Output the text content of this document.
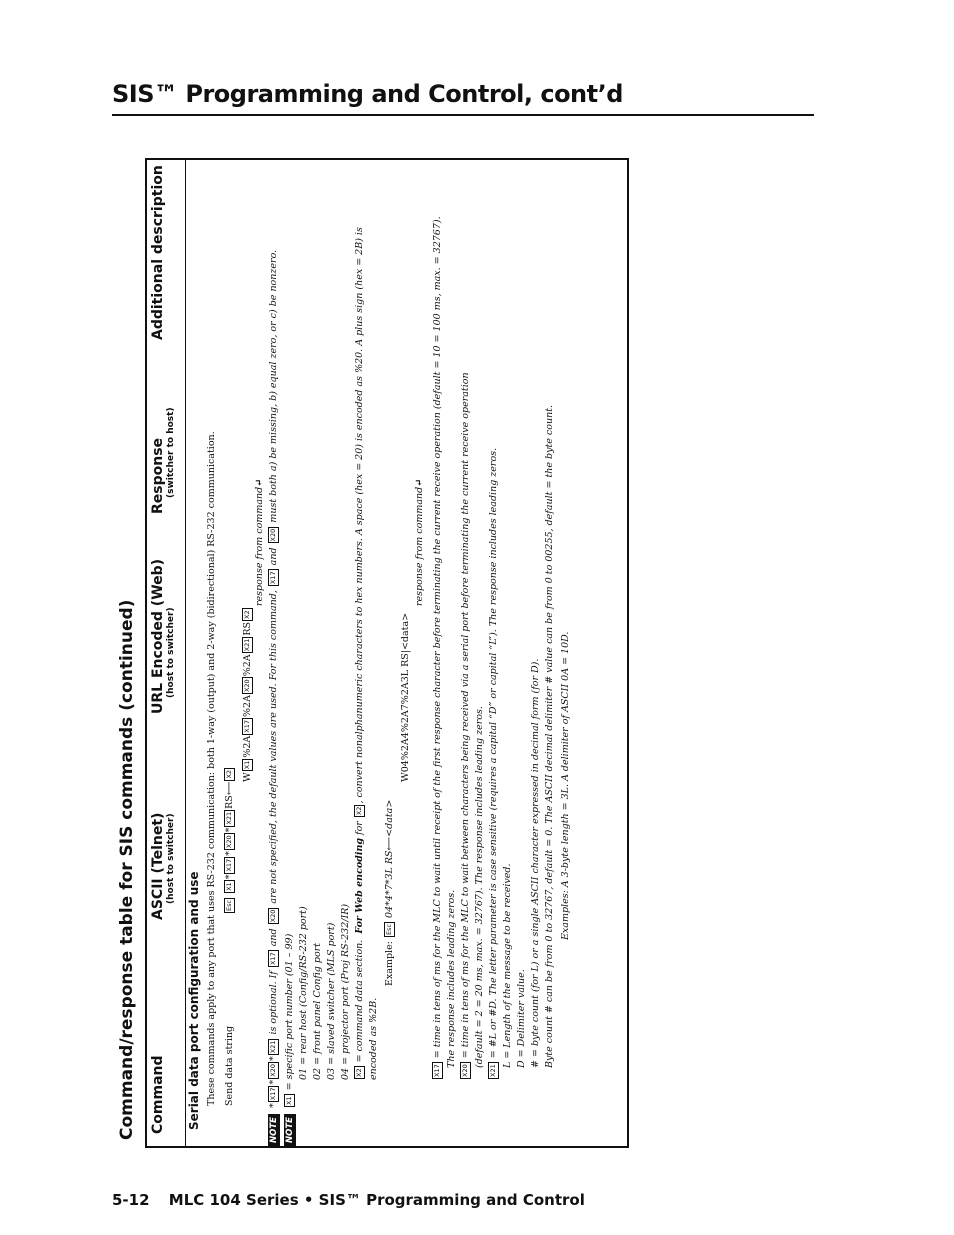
SIS™ Programming and Control, cont’d
Command/response table for SIS commands (continued) Command
ASCII (Telnet) (host to switcher)
URL Encoded (Web) (host to switcher)
Response (switcher to host)
Additional description
Serial data port configuration and use These commands apply to any port that uses RS-232 communication: both 1-way (output) and 2-way (bidirectional) RS-232 communication. Send data string
Esc X1*X17*X20*X21RS⟵X2 WX1%2AX17%2AX20%2AX21RSX2
response from command↵
NOTE  *X17*X20*X21 is optional. If X17 and X20 are not specified, the default values are used. For this command, X17 and X20 must both a) be missing, b) equal zero, or c) be nonzero.
NOTE  X1 = specific port number (01 – 99) 01 = rear host (Config/RS-232 port) 02 = front panel Config port 03 = slaved switcher (MLS port) 04 = projector port (Proj RS-232/IR) X2 = command data section.  For Web encoding for X2, convert nonalphanumeric characters to hex numbers. A space (hex = 20) is encoded as %20. A plus sign (hex = 2B) is
encoded as %2B.
Example: Esc 04*4*7*3L RS⟵<data>
W04%2A4%2A7%2A3L RS|<data>
response from command↵
X17 = time in tens of ms for the MLC to wait until receipt of the first response character before terminating the current receive operation (default = 10 = 100 ms, max. = 32767). The response includes leading zeros.
X20 = time in tens of ms for the MLC to wait between characters being received via a serial port before terminating the current receive operation (default = 2 = 20 ms, max. = 32767). The response includes leading zeros.
X21 = #L or #D. The letter parameter is case sensitive (requires a capital “D” or capital “L”). The response includes leading zeros. L = Length of the message to be received. D = Delimiter value. # = byte count (for L) or a single ASCII character expressed in decimal form (for D). Byte count # can be from 0 to 32767, default = 0. The ASCII decimal delimiter # value can be from 0 to 00255, default = the byte count. Examples: A 3-byte length = 3L. A delimiter of ASCII 0A = 10D.
5-12 MLC 104 Series • SIS™ Programming and Control
